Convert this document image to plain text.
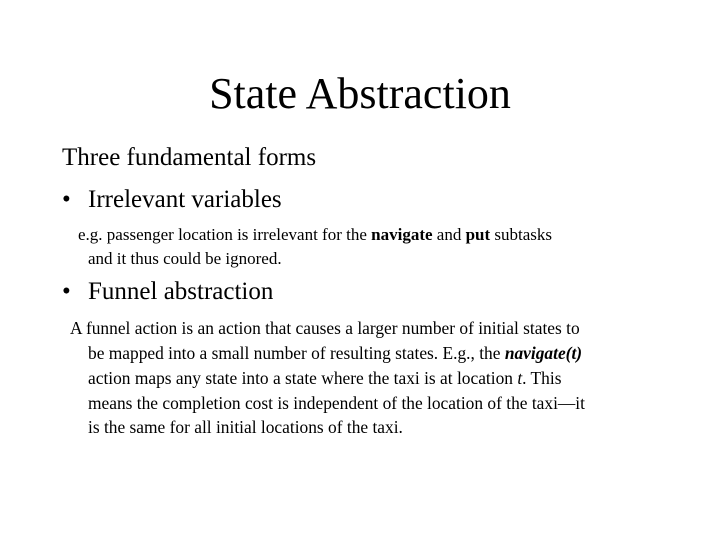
State Abstraction
Three fundamental forms
• Irrelevant variables
e.g. passenger location is irrelevant for the navigate and put subtasks
and it thus could be ignored.
• Funnel abstraction
A funnel action is an action that causes a larger number of initial states to
be mapped into a small number of resulting states. E.g., the navigate(t)
action maps any state into a state where the taxi is at location t. This
means the completion cost is independent of the location of the taxi—it
is the same for all initial locations of the taxi.
